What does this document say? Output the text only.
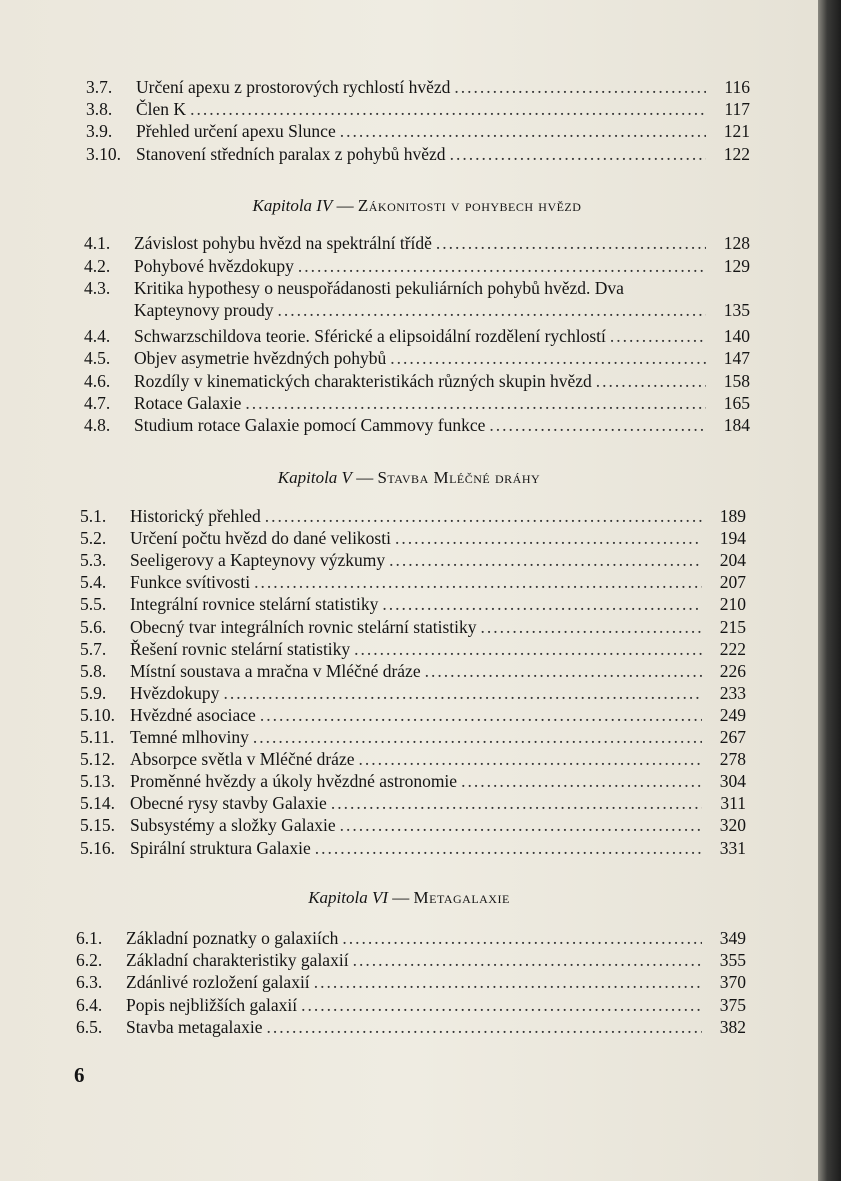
3.7.	Určení apexu z prostorových rychlostí hvězd .....	116
3.8.	Člen K .....	117
3.9.	Přehled určení apexu Slunce .....	121
3.10. Stanovení středních paralax z pohybů hvězd .....	122
Kapitola IV — Zákonitosti v pohybech hvězd
4.1.	Závislost pohybu hvězd na spektrální třídě .....	128
4.2.	Pohybové hvězdokupy .....	129
4.3.	Kritika hypothesy o neuspořádanosti pekuliárních pohybů hvězd. Dva
Kapteynovy proudy .....	135
4.4.	Schwarzschildova teorie. Sférické a elipsoidální rozdělení rychlostí .....	140
4.5.	Objev asymetrie hvězdných pohybů .....	147
4.6.	Rozdíly v kinematických charakteristikách různých skupin hvězd .....	158
4.7.	Rotace Galaxie .....	165
4.8.	Studium rotace Galaxie pomocí Cammovy funkce .....	184
Kapitola V — Stavba Mléčné dráhy
5.1.	Historický přehled .....	189
5.2.	Určení počtu hvězd do dané velikosti .....	194
5.3.	Seeligerovy a Kapteynovy výzkumy .....	204
5.4.	Funkce svítivosti .....	207
5.5.	Integrální rovnice stelární statistiky .....	210
5.6.	Obecný tvar integrálních rovnic stelární statistiky .....	215
5.7.	Řešení rovnic stelární statistiky .....	222
5.8.	Místní soustava a mračna v Mléčné dráze .....	226
5.9.	Hvězdokupy .....	233
5.10. Hvězdné asociace .....	249
5.11. Temné mlhoviny .....	267
5.12. Absorpce světla v Mléčné dráze .....	278
5.13. Proměnné hvězdy a úkoly hvězdné astronomie .....	304
5.14. Obecné rysy stavby Galaxie .....	311
5.15. Subsystémy a složky Galaxie .....	320
5.16. Spirální struktura Galaxie .....	331
Kapitola VI — Metagalaxie
6.1.	Základní poznatky o galaxiích .....	349
6.2.	Základní charakteristiky galaxií .....	355
6.3.	Zdánlivé rozložení galaxií .....	370
6.4.	Popis nejbližších galaxií .....	375
6.5.	Stavba metagalaxie .....	382
6
